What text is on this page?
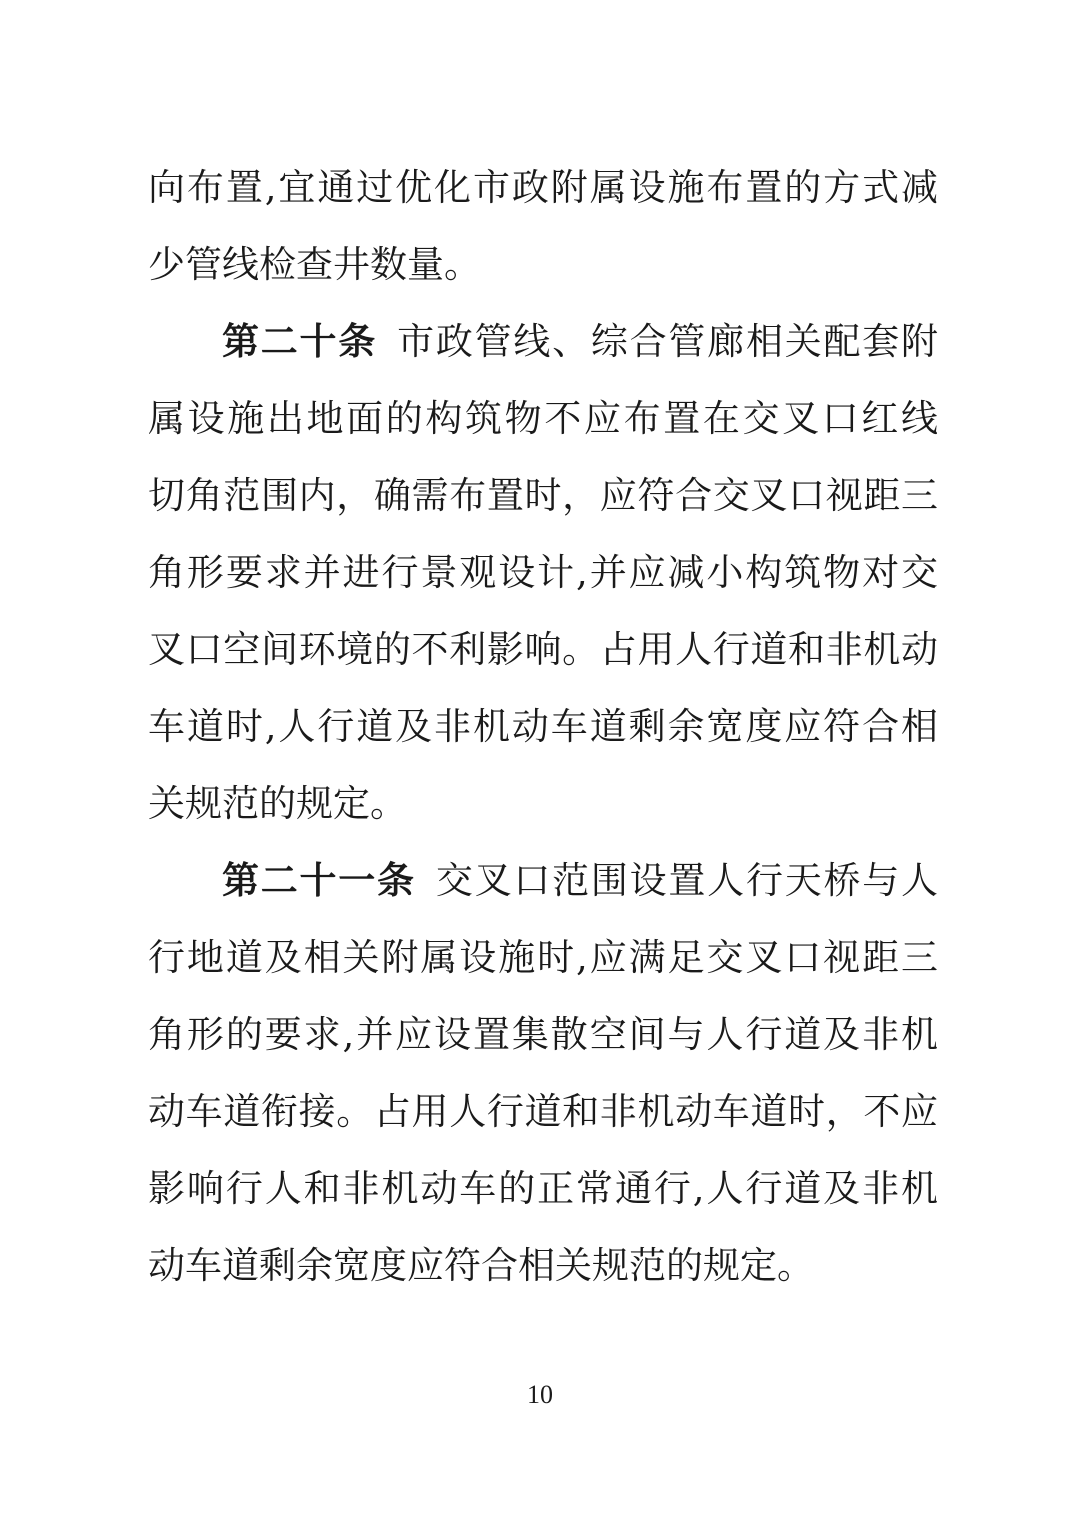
向布置,宜通过优化市政附属设施布置的方式减
少管线检查井数量。
第二十条 市政管线、综合管廊相关配套附
属设施出地面的构筑物不应布置在交叉口红线
切角范围内，确需布置时，应符合交叉口视距三
角形要求并进行景观设计,并应减小构筑物对交
叉口空间环境的不利影响。占用人行道和非机动
车道时,人行道及非机动车道剩余宽度应符合相
关规范的规定。
第二十一条 交叉口范围设置人行天桥与人
行地道及相关附属设施时,应满足交叉口视距三
角形的要求,并应设置集散空间与人行道及非机
动车道衔接。占用人行道和非机动车道时，不应
影响行人和非机动车的正常通行,人行道及非机
动车道剩余宽度应符合相关规范的规定。
10
